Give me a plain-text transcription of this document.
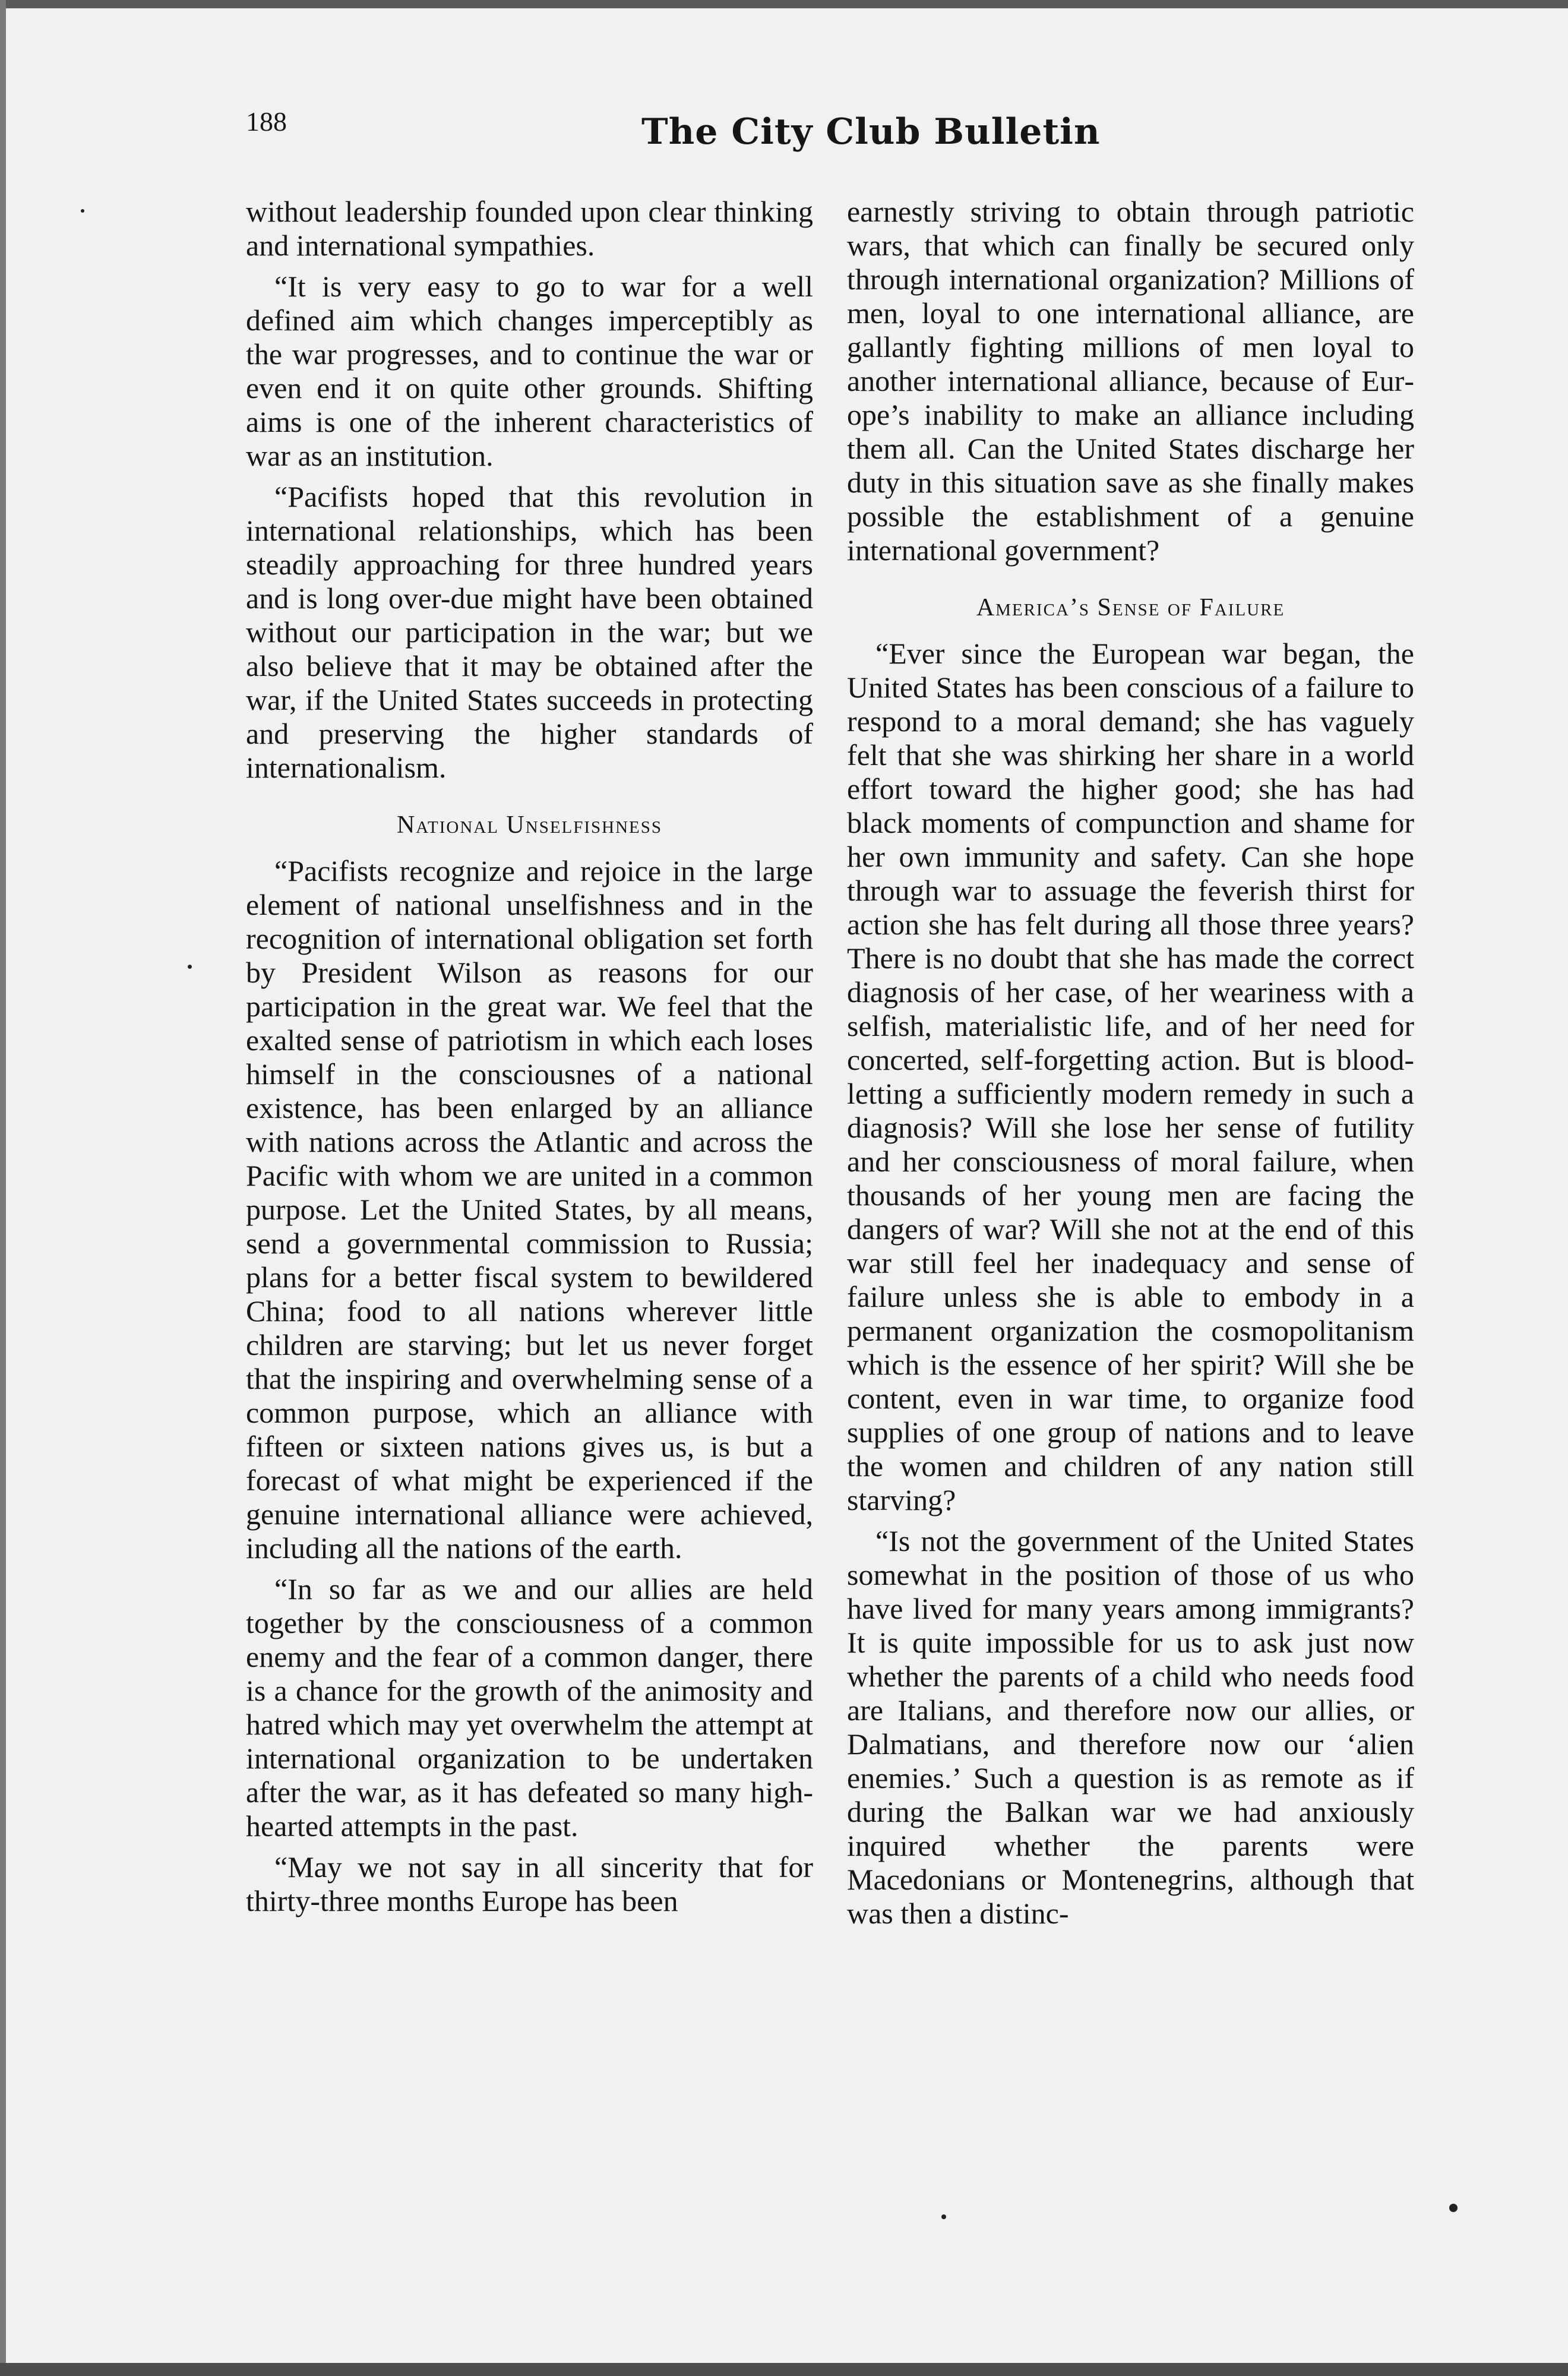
188	The City Club Bulletin

without leadership founded upon clear thinking and international sympathies.

“It is very easy to go to war for a well defined aim which changes imperceptibly as the war progresses, and to continue the war or even end it on quite other grounds. Shifting aims is one of the inherent characteristics of war as an institution.

“Pacifists hoped that this revolution in international relationships, which has been steadily approaching for three hundred years and is long over-due might have been obtained without our participation in the war; but we also believe that it may be obtained after the war, if the United States succeeds in protecting and preserving the higher standards of internationalism.

National Unselfishness

“Pacifists recognize and rejoice in the large element of national unselfishness and in the recognition of international obligation set forth by President Wilson as reasons for our participation in the great war. We feel that the exalted sense of patriotism in which each loses himself in the consciousnes of a national existence, has been enlarged by an alliance with nations across the Atlantic and across the Pacific with whom we are united in a common purpose. Let the United States, by all means, send a governmental commission to Russia; plans for a better fiscal system to bewildered China; food to all nations wherever little children are starving; but let us never forget that the inspiring and overwhelming sense of a common purpose, which an alliance with fifteen or sixteen nations gives us, is but a forecast of what might be experienced if the genuine international alliance were achieved, including all the nations of the earth.

“In so far as we and our allies are held together by the consciousness of a common enemy and the fear of a common danger, there is a chance for the growth of the animosity and hatred which may yet overwhelm the attempt at international organization to be undertaken after the war, as it has defeated so many high-hearted attempts in the past.

“May we not say in all sincerity that for thirty-three months Europe has been

earnestly striving to obtain through patriotic wars, that which can finally be secured only through international organization? Millions of men, loyal to one international alliance, are gallantly fighting millions of men loyal to another international alliance, because of Europe’s inability to make an alliance including them all. Can the United States discharge her duty in this situation save as she finally makes possible the establishment of a genuine international government?

America’s Sense of Failure

“Ever since the European war began, the United States has been conscious of a failure to respond to a moral demand; she has vaguely felt that she was shirking her share in a world effort toward the higher good; she has had black moments of compunction and shame for her own immunity and safety. Can she hope through war to assuage the feverish thirst for action she has felt during all those three years? There is no doubt that she has made the correct diagnosis of her case, of her weariness with a selfish, materialistic life, and of her need for concerted, self-forgetting action. But is blood-letting a sufficiently modern remedy in such a diagnosis? Will she lose her sense of futility and her consciousness of moral failure, when thousands of her young men are facing the dangers of war? Will she not at the end of this war still feel her inadequacy and sense of failure unless she is able to embody in a permanent organization the cosmopolitanism which is the essence of her spirit? Will she be content, even in war time, to organize food supplies of one group of nations and to leave the women and children of any nation still starving?

“Is not the government of the United States somewhat in the position of those of us who have lived for many years among immigrants? It is quite impossible for us to ask just now whether the parents of a child who needs food are Italians, and therefore now our allies, or Dalmatians, and therefore now our ‘alien enemies.’ Such a question is as remote as if during the Balkan war we had anxiously inquired whether the parents were Macedonians or Montenegrins, although that was then a distinc-
